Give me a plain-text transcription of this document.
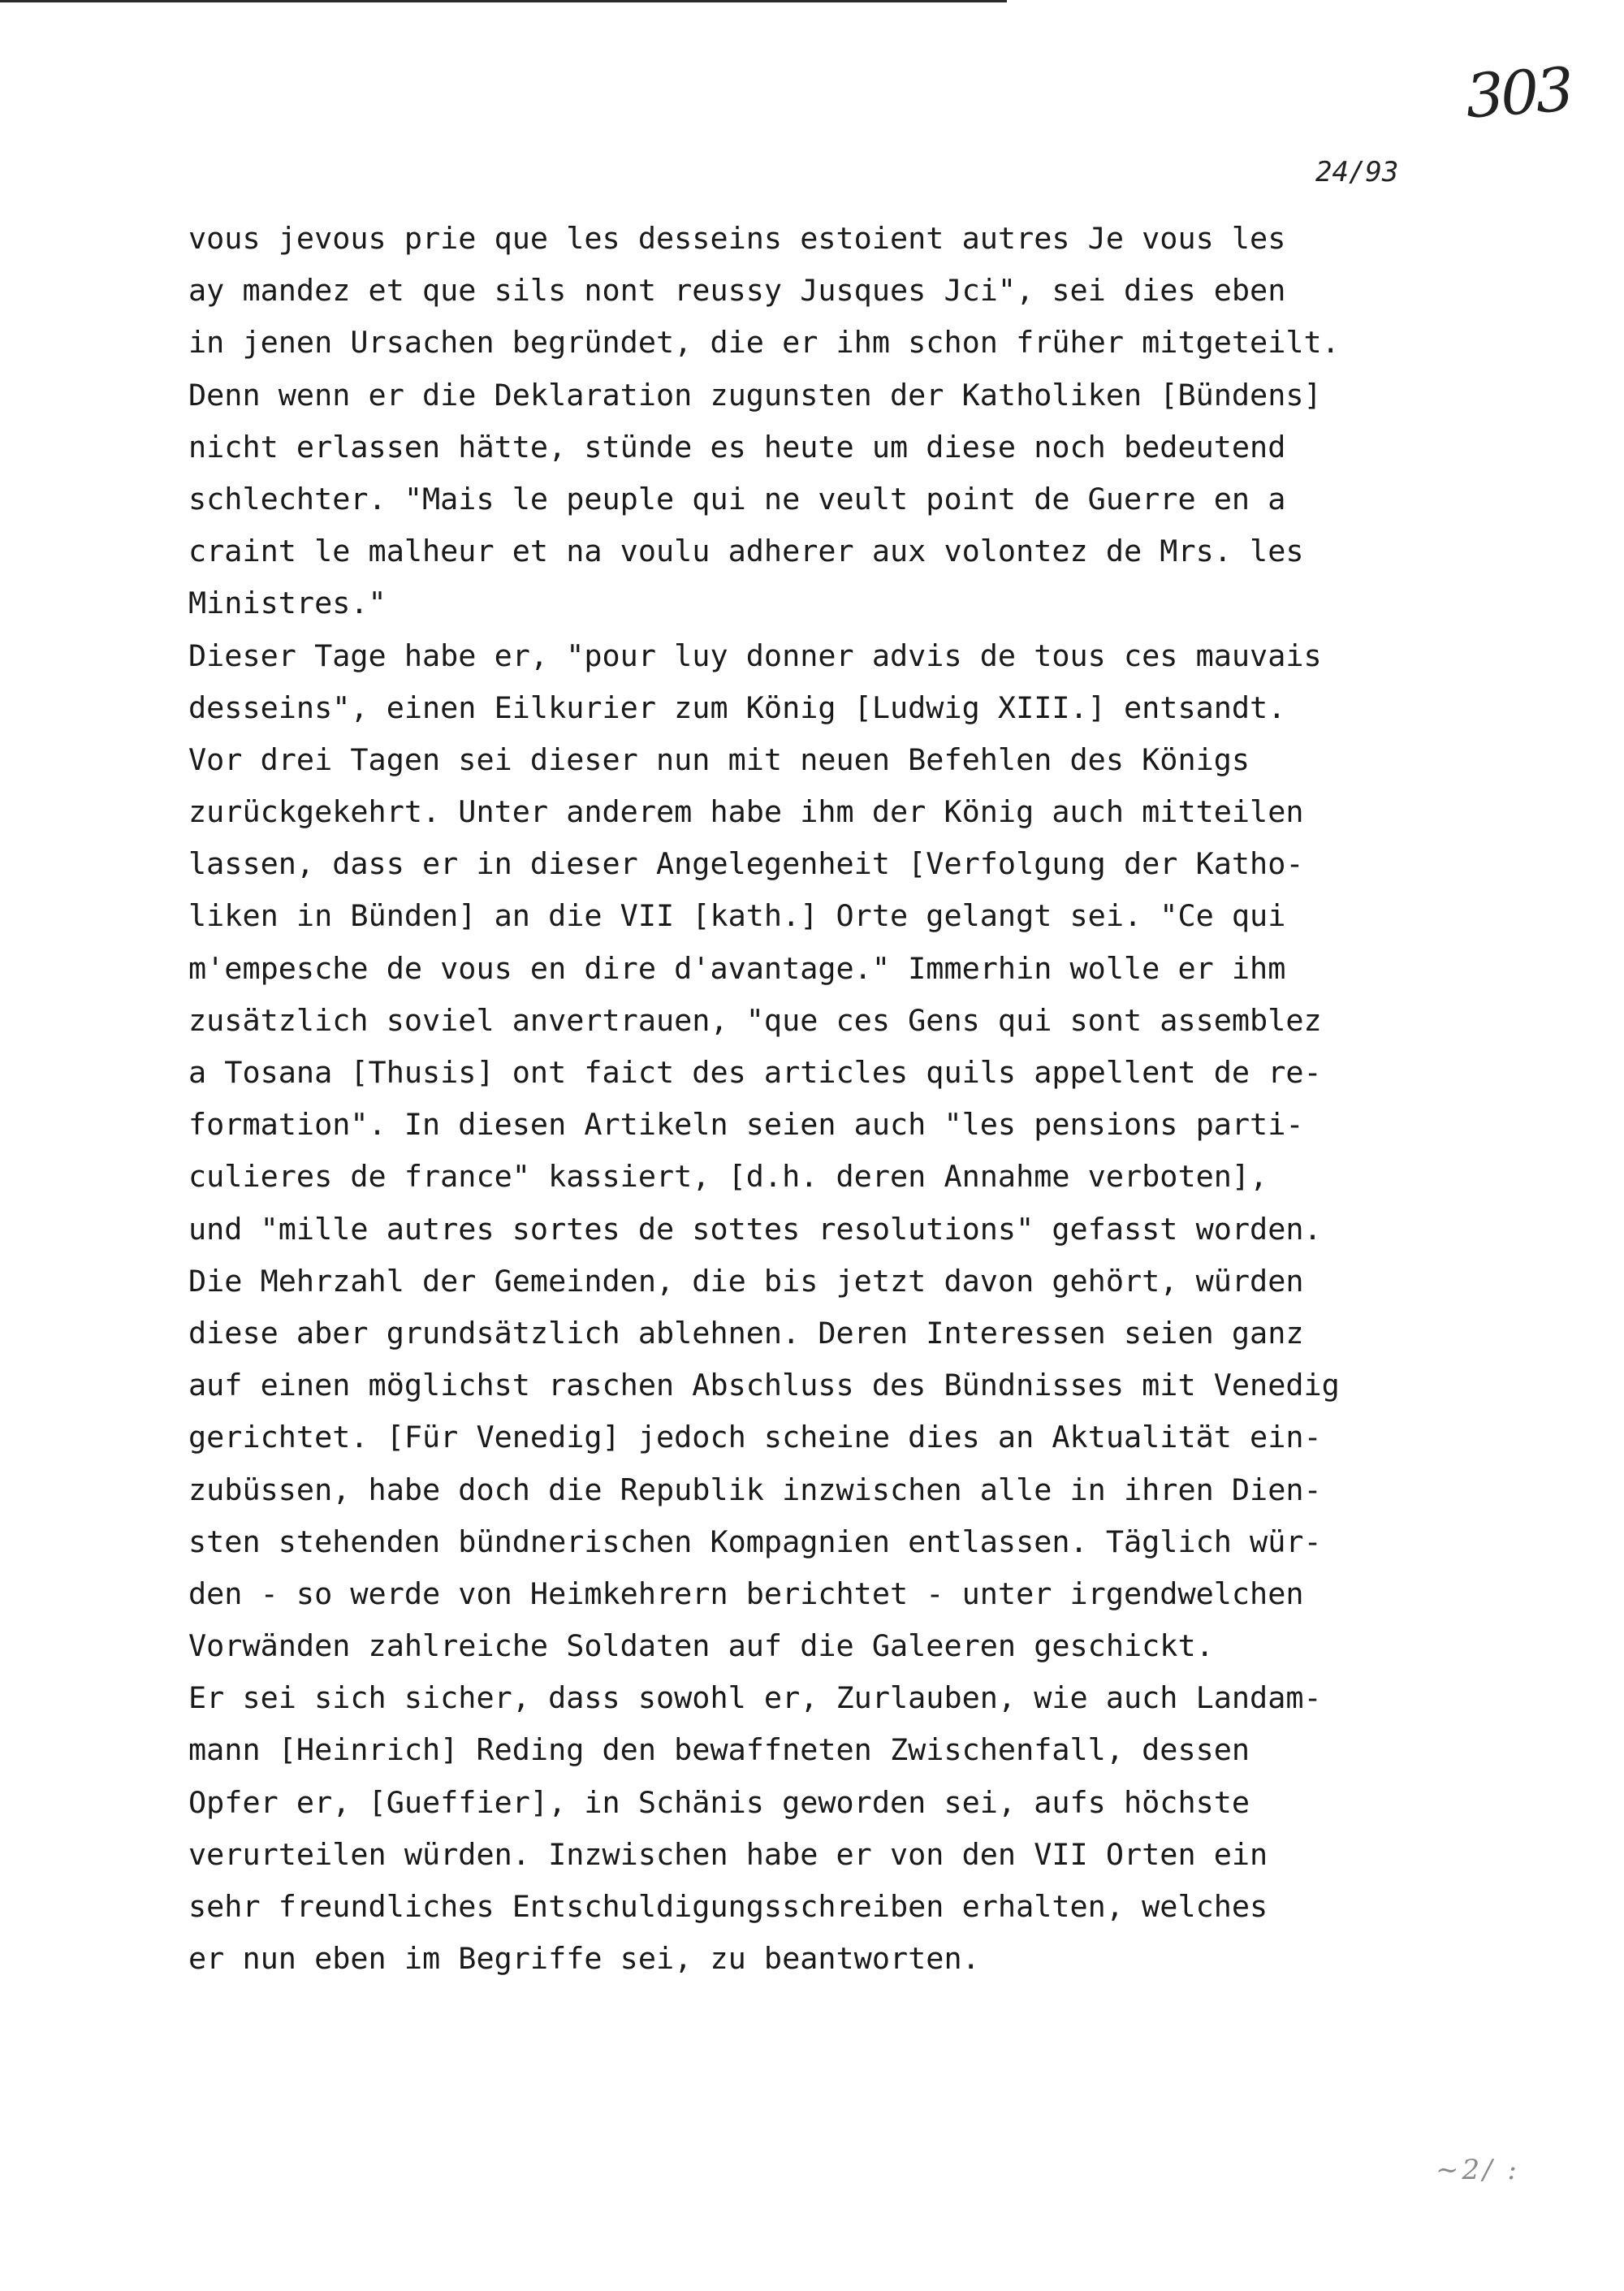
303
24/93
vous jevous prie que les desseins estoient autres Je vous les
ay mandez et que sils nont reussy Jusques Jci", sei dies eben
in jenen Ursachen begründet, die er ihm schon früher mitgeteilt.
Denn wenn er die Deklaration zugunsten der Katholiken [Bündens]
nicht erlassen hätte, stünde es heute um diese noch bedeutend
schlechter. "Mais le peuple qui ne veult point de Guerre en a
craint le malheur et na voulu adherer aux volontez de Mrs. les
Ministres."
Dieser Tage habe er, "pour luy donner advis de tous ces mauvais
desseins", einen Eilkurier zum König [Ludwig XIII.] entsandt.
Vor drei Tagen sei dieser nun mit neuen Befehlen des Königs
zurückgekehrt. Unter anderem habe ihm der König auch mitteilen
lassen, dass er in dieser Angelegenheit [Verfolgung der Katho-
liken in Bünden] an die VII [kath.] Orte gelangt sei. "Ce qui
m'empesche de vous en dire d'avantage." Immerhin wolle er ihm
zusätzlich soviel anvertrauen, "que ces Gens qui sont assemblez
a Tosana [Thusis] ont faict des articles quils appellent de re-
formation". In diesen Artikeln seien auch "les pensions parti-
culieres de france" kassiert, [d.h. deren Annahme verboten],
und "mille autres sortes de sottes resolutions" gefasst worden.
Die Mehrzahl der Gemeinden, die bis jetzt davon gehört, würden
diese aber grundsätzlich ablehnen. Deren Interessen seien ganz
auf einen möglichst raschen Abschluss des Bündnisses mit Venedig
gerichtet. [Für Venedig] jedoch scheine dies an Aktualität ein-
zubüssen, habe doch die Republik inzwischen alle in ihren Dien-
sten stehenden bündnerischen Kompagnien entlassen. Täglich wür-
den - so werde von Heimkehrern berichtet - unter irgendwelchen
Vorwänden zahlreiche Soldaten auf die Galeeren geschickt.
Er sei sich sicher, dass sowohl er, Zurlauben, wie auch Landam-
mann [Heinrich] Reding den bewaffneten Zwischenfall, dessen
Opfer er, [Gueffier], in Schänis geworden sei, aufs höchste
verurteilen würden. Inzwischen habe er von den VII Orten ein
sehr freundliches Entschuldigungsschreiben erhalten, welches
er nun eben im Begriffe sei, zu beantworten.
~2/ :
